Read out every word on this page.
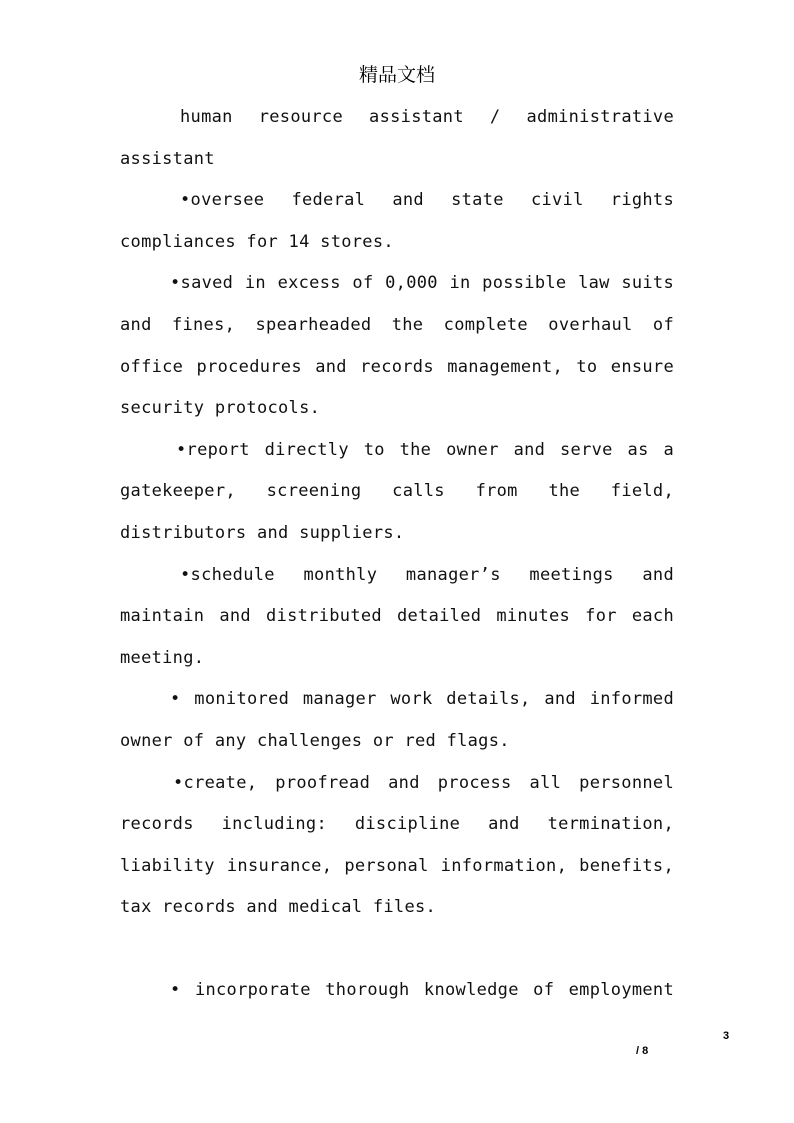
精品文档

human resource assistant / administrative assistant

•oversee federal and state civil rights compliances for 14 stores.

•saved in excess of 0,000 in possible law suits and fines, spearheaded the complete overhaul of office procedures and records management, to ensure security protocols.

•report directly to the owner and serve as a gatekeeper, screening calls from the field, distributors and suppliers.

•schedule monthly manager’s meetings and maintain and distributed detailed minutes for each meeting.

• monitored manager work details, and informed owner of any challenges or red flags.

•create, proofread and process all personnel records including: discipline and termination, liability insurance, personal information, benefits, tax records and medical files.

• incorporate thorough knowledge of employment

3
/ 8
